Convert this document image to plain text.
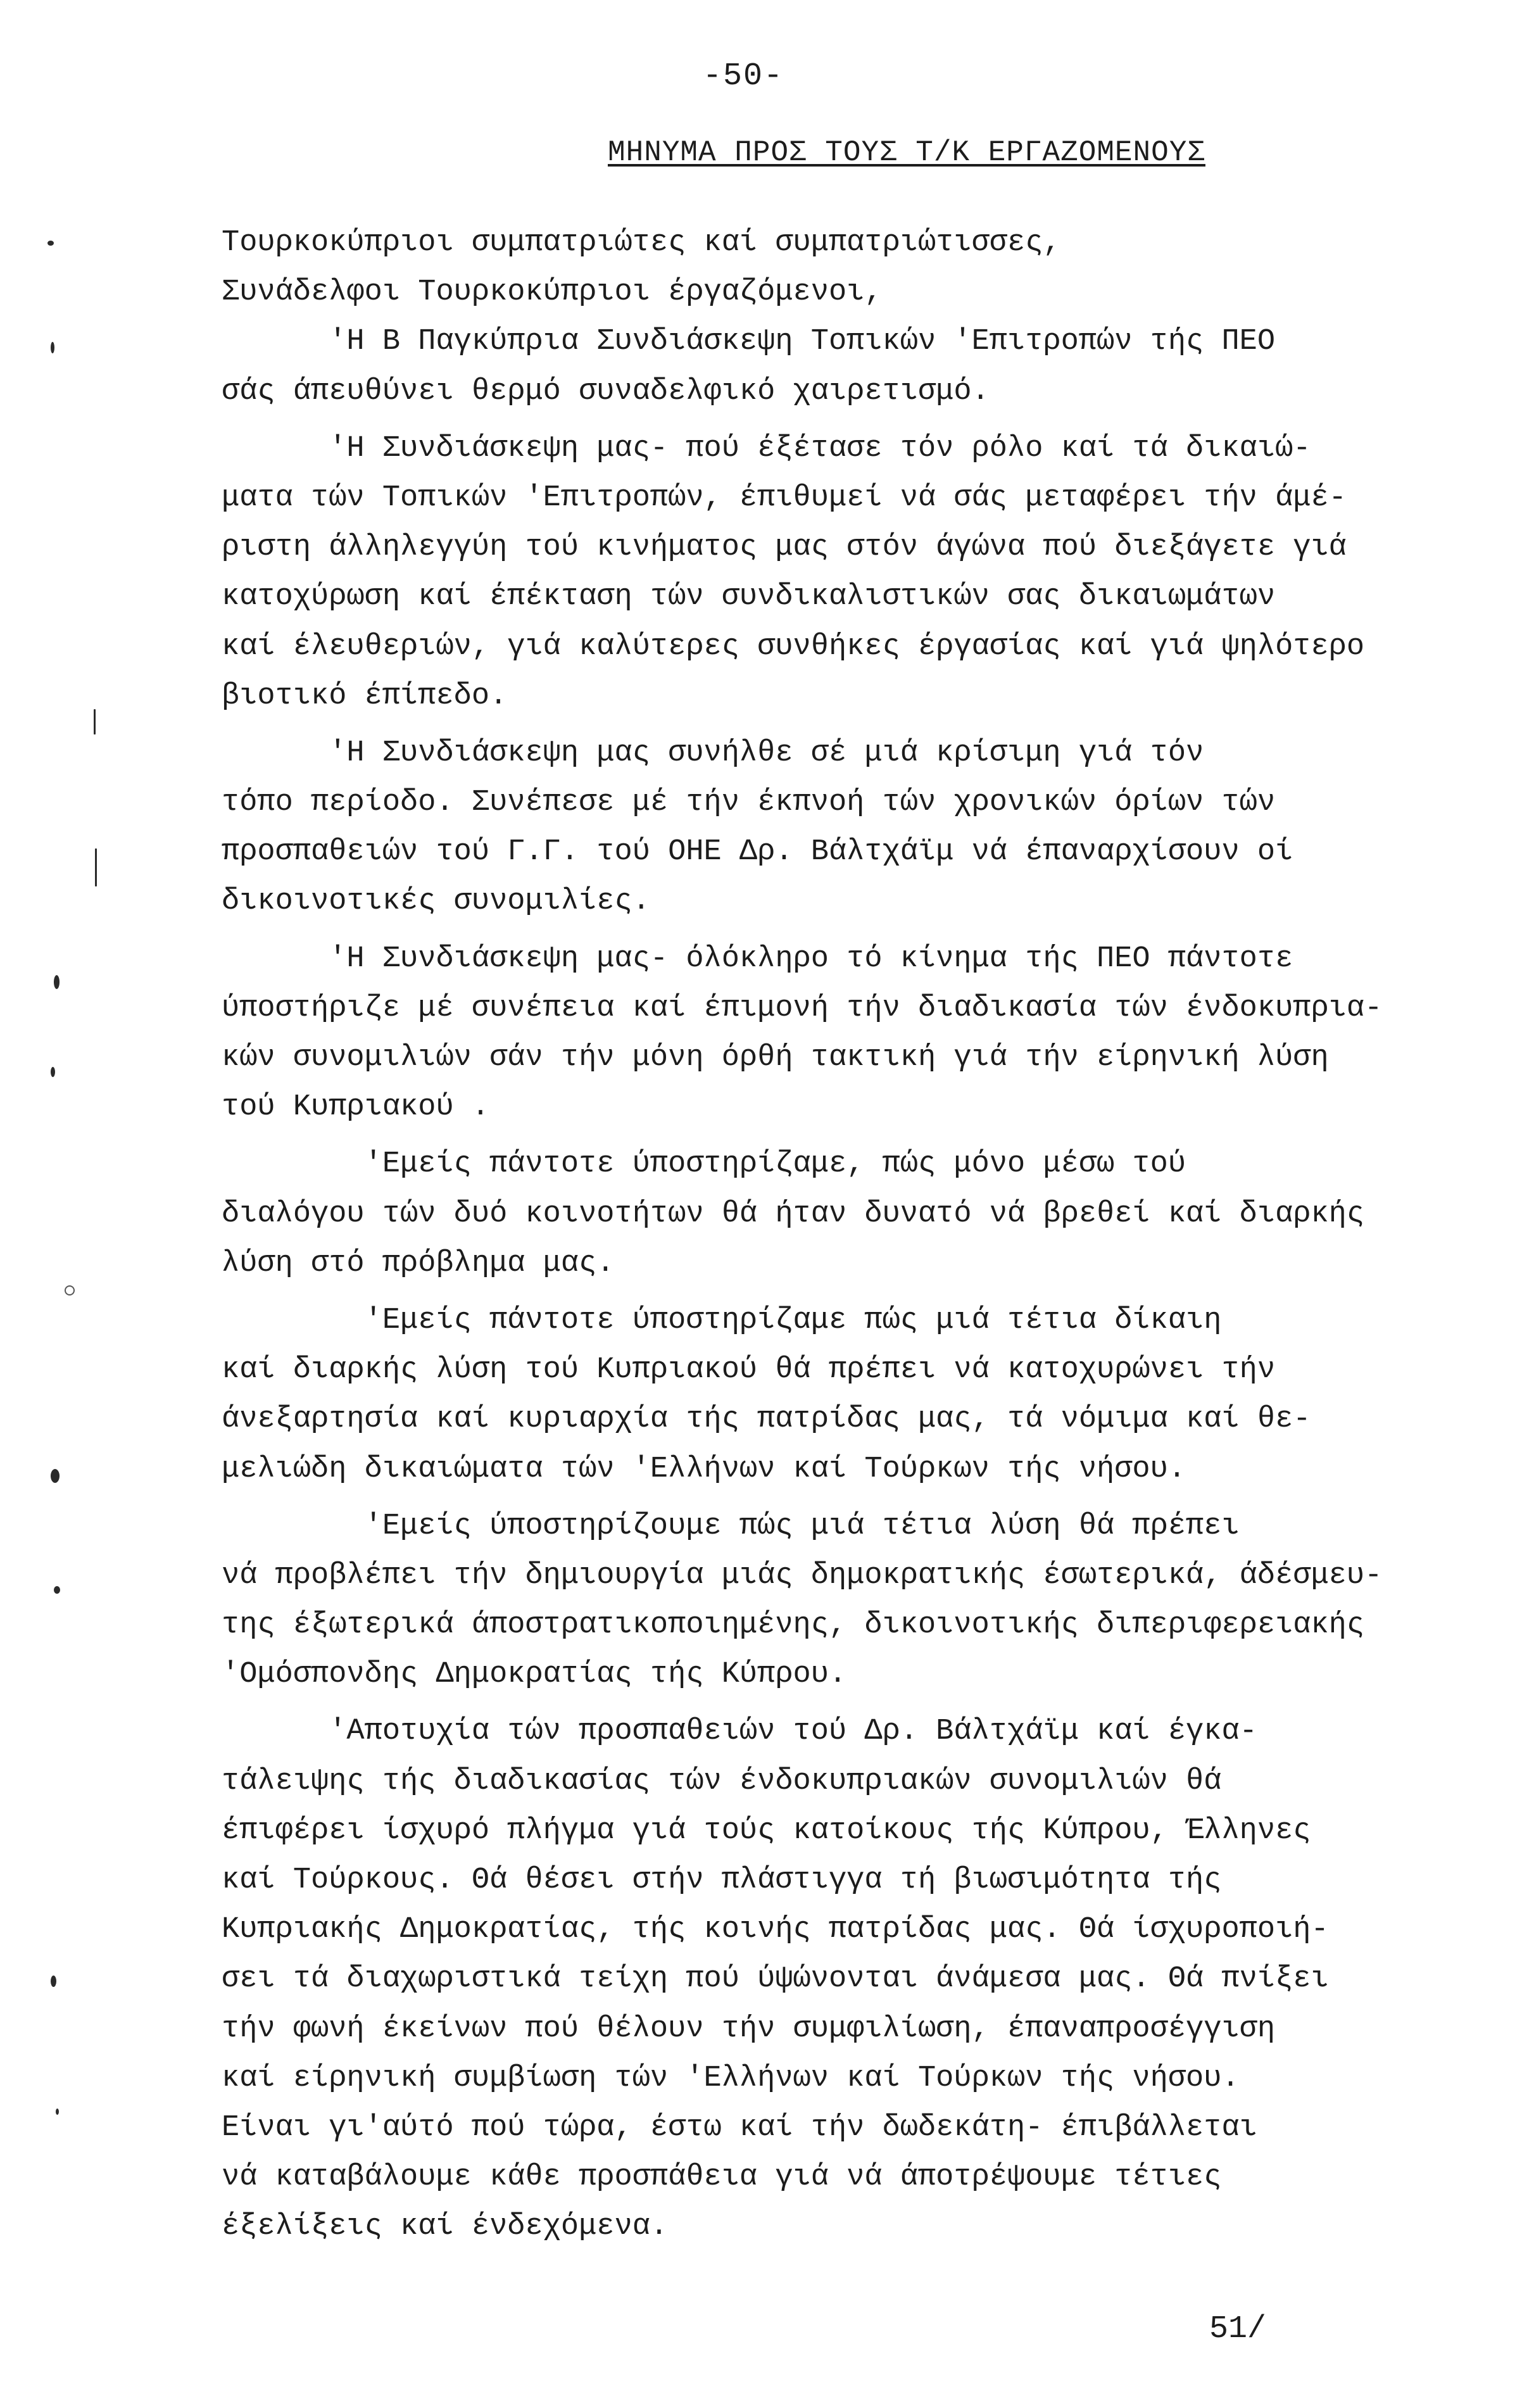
-50-
ΜΗΝΥΜΑ ΠΡΟΣ ΤΟΥΣ Τ/Κ ΕΡΓΑΖΟΜΕΝΟΥΣ
Τουρκοκύπριοι συμπατριώτες καί συμπατριώτισσες,
Συνάδελφοι Τουρκοκύπριοι έργαζόμενοι,
'Η Β Παγκύπρια Συνδιάσκεψη Τοπικών 'Επιτροπών τής ΠΕΟ
σάς άπευθύνει θερμό συναδελφικό χαιρετισμό.
'Η Συνδιάσκεψη μας- πού έξέτασε τόν ρόλο καί τά δικαιώ-
ματα τών Τοπικών 'Επιτροπών, έπιθυμεί νά σάς μεταφέρει τήν άμέ-
ριστη άλληλεγγύη τού κινήματος μας στόν άγώνα πού διεξάγετε γιά
κατοχύρωση καί έπέκταση τών συνδικαλιστικών σας δικαιωμάτων
καί έλευθεριών, γιά καλύτερες συνθήκες έργασίας καί γιά ψηλότερο
βιοτικό έπίπεδο.
'Η Συνδιάσκεψη μας συνήλθε σέ μιά κρίσιμη γιά τόν
τόπο περίοδο. Συνέπεσε μέ τήν έκπνοή τών χρονικών όρίων τών
προσπαθειών τού Γ.Γ. τού ΟΗΕ Δρ. Βάλτχάϊμ νά έπαναρχίσουν οί
δικοινοτικές συνομιλίες.
'Η Συνδιάσκεψη μας- όλόκληρο τό κίνημα τής ΠΕΟ πάντοτε
ύποστήριζε μέ συνέπεια καί έπιμονή τήν διαδικασία τών ένδοκυπρια-
κών συνομιλιών σάν τήν μόνη όρθή τακτική γιά τήν είρηνική λύση
τού Κυπριακού .
'Εμείς πάντοτε ύποστηρίζαμε, πώς μόνο μέσω τού
διαλόγου τών δυό κοινοτήτων θά ήταν δυνατό νά βρεθεί καί διαρκής
λύση στό πρόβλημα μας.
'Εμείς πάντοτε ύποστηρίζαμε πώς μιά τέτια δίκαιη
καί διαρκής λύση τού Κυπριακού θά πρέπει νά κατοχυρώνει τήν
άνεξαρτησία καί κυριαρχία τής πατρίδας μας, τά νόμιμα καί θε-
μελιώδη δικαιώματα τών 'Ελλήνων καί Τούρκων τής νήσου.
'Εμείς ύποστηρίζουμε πώς μιά τέτια λύση θά πρέπει
νά προβλέπει τήν δημιουργία μιάς δημοκρατικής έσωτερικά, άδέσμευ-
της έξωτερικά άποστρατικοποιημένης, δικοινοτικής διπεριφερειακής
'Ομόσπονδης Δημοκρατίας τής Κύπρου.
'Αποτυχία τών προσπαθειών τού Δρ. Βάλτχάϊμ καί έγκα-
τάλειψης τής διαδικασίας τών ένδοκυπριακών συνομιλιών θά
έπιφέρει ίσχυρό πλήγμα γιά τούς κατοίκους τής Κύπρου, Έλληνες
καί Τούρκους. Θά θέσει στήν πλάστιγγα τή βιωσιμότητα τής
Κυπριακής Δημοκρατίας, τής κοινής πατρίδας μας. Θά ίσχυροποιή-
σει τά διαχωριστικά τείχη πού ύψώνονται άνάμεσα μας. Θά πνίξει
τήν φωνή έκείνων πού θέλουν τήν συμφιλίωση, έπαναπροσέγγιση
καί είρηνική συμβίωση τών 'Ελλήνων καί Τούρκων τής νήσου.
Είναι γι'αύτό πού τώρα, έστω καί τήν δωδεκάτη- έπιβάλλεται
νά καταβάλουμε κάθε προσπάθεια γιά νά άποτρέψουμε τέτιες
έξελίξεις καί ένδεχόμενα.
51/
